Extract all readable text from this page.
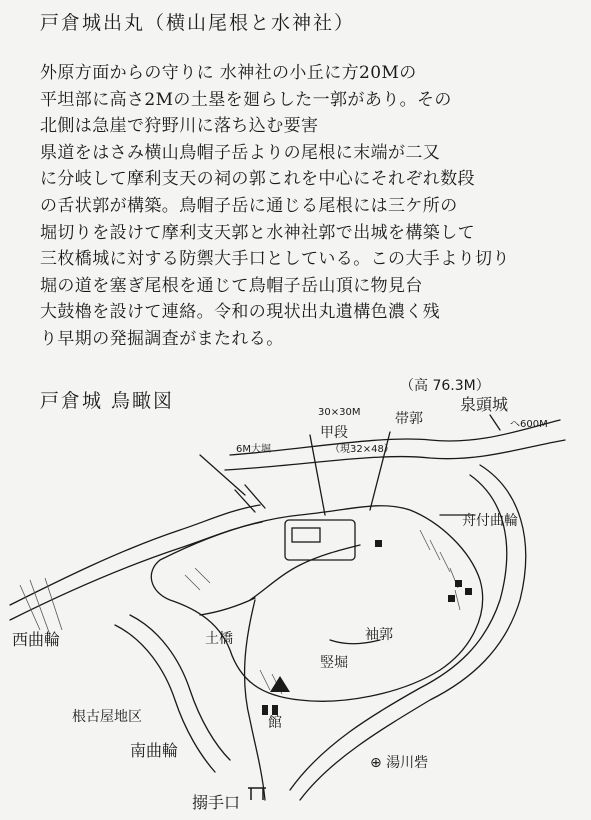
戸倉城出丸（横山尾根と水神社）
外原方面からの守りに 水神社の小丘に方20Mの
平坦部に高さ2Mの土塁を廻らした一郭があり。その
北側は急崖で狩野川に落ち込む要害
県道をはさみ横山鳥帽子岳よりの尾根に末端が二又
に分岐して摩利支天の祠の郭これを中心にそれぞれ数段
の舌状郭が構築。鳥帽子岳に通じる尾根には三ケ所の
堀切りを設けて摩利支天郭と水神社郭で出城を構築して
三枚橋城に対する防禦大手口としている。この大手より切り
堀の道を塞ぎ尾根を通じて鳥帽子岳山頂に物見台
大鼓櫓を設けて連絡。令和の現状出丸遺構色濃く残
り早期の発掘調査がまたれる。
戸倉城 鳥瞰図
（高 76.3M）
泉頭城
へ600M
帯郭
30×30M
甲段
（現32×48）
6M大堀
舟付曲輪
西曲輪	土橋	袖郭
竪堀
根古屋地区
南曲輪
館
⊕ 湯川砦
搦手口
